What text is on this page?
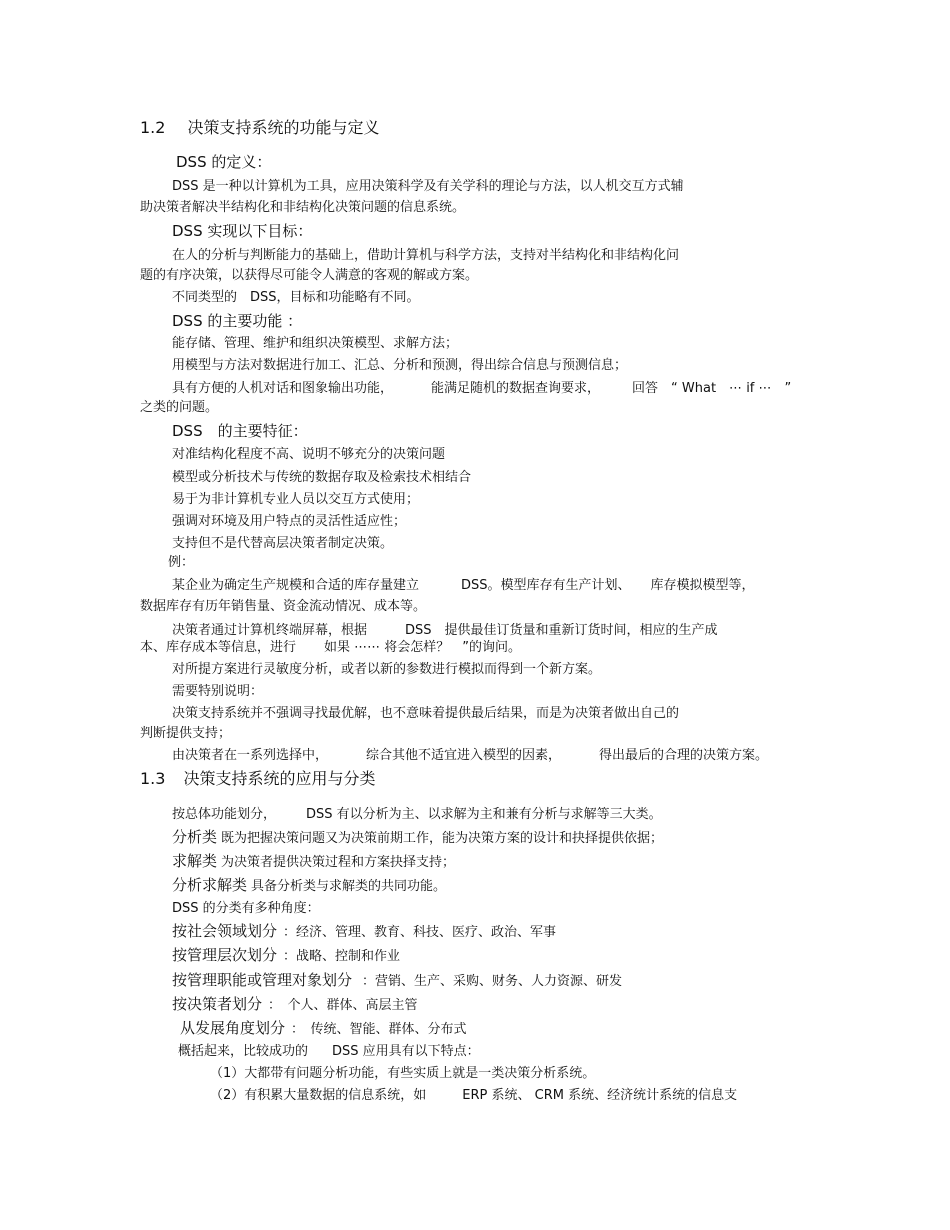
1.2 决策支持系统的功能与定义
DSS 的定义：
DSS 是一种以计算机为工具，应用决策科学及有关学科的理论与方法，以人机交互方式辅
助决策者解决半结构化和非结构化决策问题的信息系统。
DSS 实现以下目标：
在人的分析与判断能力的基础上，借助计算机与科学方法，支持对半结构化和非结构化问
题的有序决策，以获得尽可能令人满意的客观的解或方案。
不同类型的　DSS，目标和功能略有不同。
DSS 的主要功能 ：
能存储、管理、维护和组织决策模型、求解方法；
用模型与方法对数据进行加工、汇总、分析和预测，得出综合信息与预测信息；
具有方便的人机对话和图象输出功能，	能满足随机的数据查询要求， 回答　“ What　⋯ if ⋯　”
之类的问题。
DSS　的主要特征：
对准结构化程度不高、说明不够充分的决策问题
模型或分析技术与传统的数据存取及检索技术相结合
易于为非计算机专业人员以交互方式使用；
强调对环境及用户特点的灵活性适应性；
支持但不是代替高层决策者制定决策。
例：
某企业为确定生产规模和合适的库存量建立	DSS。模型库存有生产计划、 库存模拟模型等，
数据库存有历年销售量、资金流动情况、成本等。
决策者通过计算机终端屏幕，根据	DSS　提供最佳订货量和重新订货时间，相应的生产成
本、库存成本等信息，进行 如果 ⋯⋯ 将会怎样？　”的询问。
对所提方案进行灵敏度分析，或者以新的参数进行模拟而得到一个新方案。
需要特别说明：
决策支持系统并不强调寻找最优解，也不意味着提供最后结果，而是为决策者做出自己的
判断提供支持；
由决策者在一系列选择中，	综合其他不适宜进入模型的因素，	得出最后的合理的决策方案。
1.3 决策支持系统的应用与分类
按总体功能划分， DSS 有以分析为主、以求解为主和兼有分析与求解等三大类。
分析类 既为把握决策问题又为决策前期工作，能为决策方案的设计和抉择提供依据；
求解类 为决策者提供决策过程和方案抉择支持；
分析求解类 具备分析类与求解类的共同功能。
DSS 的分类有多种角度：
按社会领域划分 ：经济、管理、教育、科技、医疗、政治、军事
按管理层次划分 ：战略、控制和作业
按管理职能或管理对象划分 ：营销、生产、采购、财务、人力资源、研发
按决策者划分 ：　个人、群体、高层主管
从发展角度划分 ：　传统、智能、群体、分布式
概括起来，比较成功的 DSS 应用具有以下特点：
（1）大都带有问题分析功能，有些实质上就是一类决策分析系统。
（2）有积累大量数据的信息系统，如	ERP 系统、 CRM 系统、经济统计系统的信息支
